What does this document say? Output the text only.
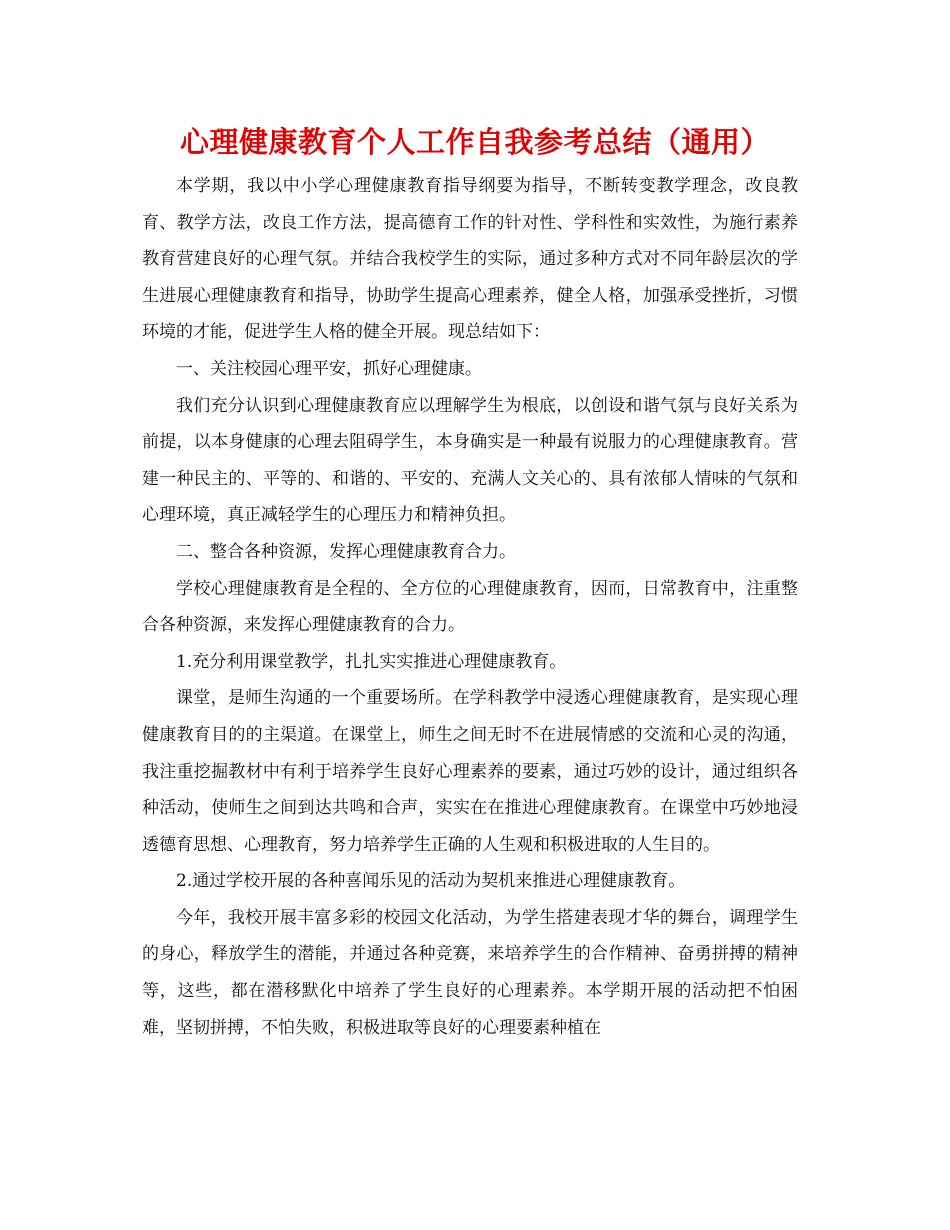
心理健康教育个人工作自我参考总结（通用）

本学期，我以中小学心理健康教育指导纲要为指导，不断转变教学理念，改良教育、教学方法，改良工作方法，提高德育工作的针对性、学科性和实效性，为施行素养教育营建良好的心理气氛。并结合我校学生的实际，通过多种方式对不同年龄层次的学生进展心理健康教育和指导，协助学生提高心理素养，健全人格，加强承受挫折，习惯环境的才能，促进学生人格的健全开展。现总结如下：

一、关注校园心理平安，抓好心理健康。

我们充分认识到心理健康教育应以理解学生为根底，以创设和谐气氛与良好关系为前提，以本身健康的心理去阻碍学生，本身确实是一种最有说服力的心理健康教育。营建一种民主的、平等的、和谐的、平安的、充满人文关心的、具有浓郁人情味的气氛和心理环境，真正减轻学生的心理压力和精神负担。

二、整合各种资源，发挥心理健康教育合力。

学校心理健康教育是全程的、全方位的心理健康教育，因而，日常教育中，注重整合各种资源，来发挥心理健康教育的合力。

1.充分利用课堂教学，扎扎实实推进心理健康教育。

课堂，是师生沟通的一个重要场所。在学科教学中浸透心理健康教育，是实现心理健康教育目的的主渠道。在课堂上，师生之间无时不在进展情感的交流和心灵的沟通，我注重挖掘教材中有利于培养学生良好心理素养的要素，通过巧妙的设计，通过组织各种活动，使师生之间到达共鸣和合声，实实在在推进心理健康教育。在课堂中巧妙地浸透德育思想、心理教育，努力培养学生正确的人生观和积极进取的人生目的。

2.通过学校开展的各种喜闻乐见的活动为契机来推进心理健康教育。

今年，我校开展丰富多彩的校园文化活动，为学生搭建表现才华的舞台，调理学生的身心，释放学生的潜能，并通过各种竞赛，来培养学生的合作精神、奋勇拼搏的精神等，这些，都在潜移默化中培养了学生良好的心理素养。本学期开展的活动把不怕困难，坚韧拼搏，不怕失败，积极进取等良好的心理要素种植在
